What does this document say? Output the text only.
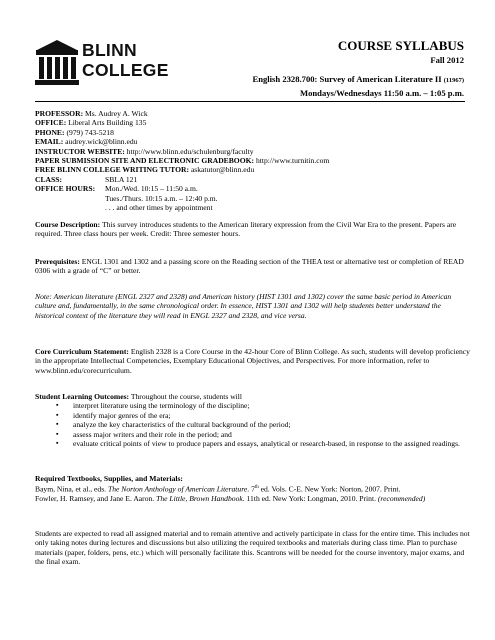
BLINN
COLLEGE
COURSE SYLLABUS
Fall 2012
English 2328.700: Survey of American Literature II (11967)
Mondays/Wednesdays 11:50 a.m. – 1:05 p.m.
PROFESSOR: Ms. Audrey A. Wick
OFFICE: Liberal Arts Building 135
PHONE: (979) 743-5218
EMAIL: audrey.wick@blinn.edu
INSTRUCTOR WEBSITE: http://www.blinn.edu/schulenburg/faculty
PAPER SUBMISSION SITE AND ELECTRONIC GRADEBOOK: http://www.turnitin.com
FREE BLINN COLLEGE WRITING TUTOR: askatutor@blinn.edu
CLASS:	SBLA 121
OFFICE HOURS: Mon./Wed. 10:15 – 11:50 a.m.
Tues./Thurs. 10:15 a.m. – 12:40 p.m.
. . . and other times by appointment

Course Description: This survey introduces students to the American literary expression from the Civil War Era to the present. Papers are required. Three class hours per week. Credit: Three semester hours.

Prerequisites: ENGL 1301 and 1302 and a passing score on the Reading section of the THEA test or alternative test or completion of READ 0306 with a grade of “C” or better.

Note: American literature (ENGL 2327 and 2328) and American history (HIST 1301 and 1302) cover the same basic period in American culture and, fundamentally, in the same chronological order. In essence, HIST 1301 and 1302 will help students better understand the historical context of the literature they will read in ENGL 2327 and 2328, and vice versa.

Core Curriculum Statement: English 2328 is a Core Course in the 42-hour Core of Blinn College. As such, students will develop proficiency in the appropriate Intellectual Competencies, Exemplary Educational Objectives, and Perspectives. For more information, refer to www.blinn.edu/corecurriculum.

Student Learning Outcomes: Throughout the course, students will
▪ interpret literature using the terminology of the discipline;
▪ identify major genres of the era;
▪ analyze the key characteristics of the cultural background of the period;
▪ assess major writers and their role in the period; and
▪ evaluate critical points of view to produce papers and essays, analytical or research-based, in response to the assigned readings.
Required Textbooks, Supplies, and Materials:
Baym, Nina, et al., eds. The Norton Anthology of American Literature. 7th ed. Vols. C-E. New York: Norton, 2007. Print.
Fowler, H. Ramsey, and Jane E. Aaron. The Little, Brown Handbook. 11th ed. New York: Longman, 2010. Print. (recommended)

Students are expected to read all assigned material and to remain attentive and actively participate in class for the entire time. This includes not only taking notes during lectures and discussions but also utilizing the required textbooks and materials during class time. Plan to purchase materials (paper, folders, pens, etc.) which will personally facilitate this. Scantrons will be needed for the course inventory, major exams, and the final exam.
